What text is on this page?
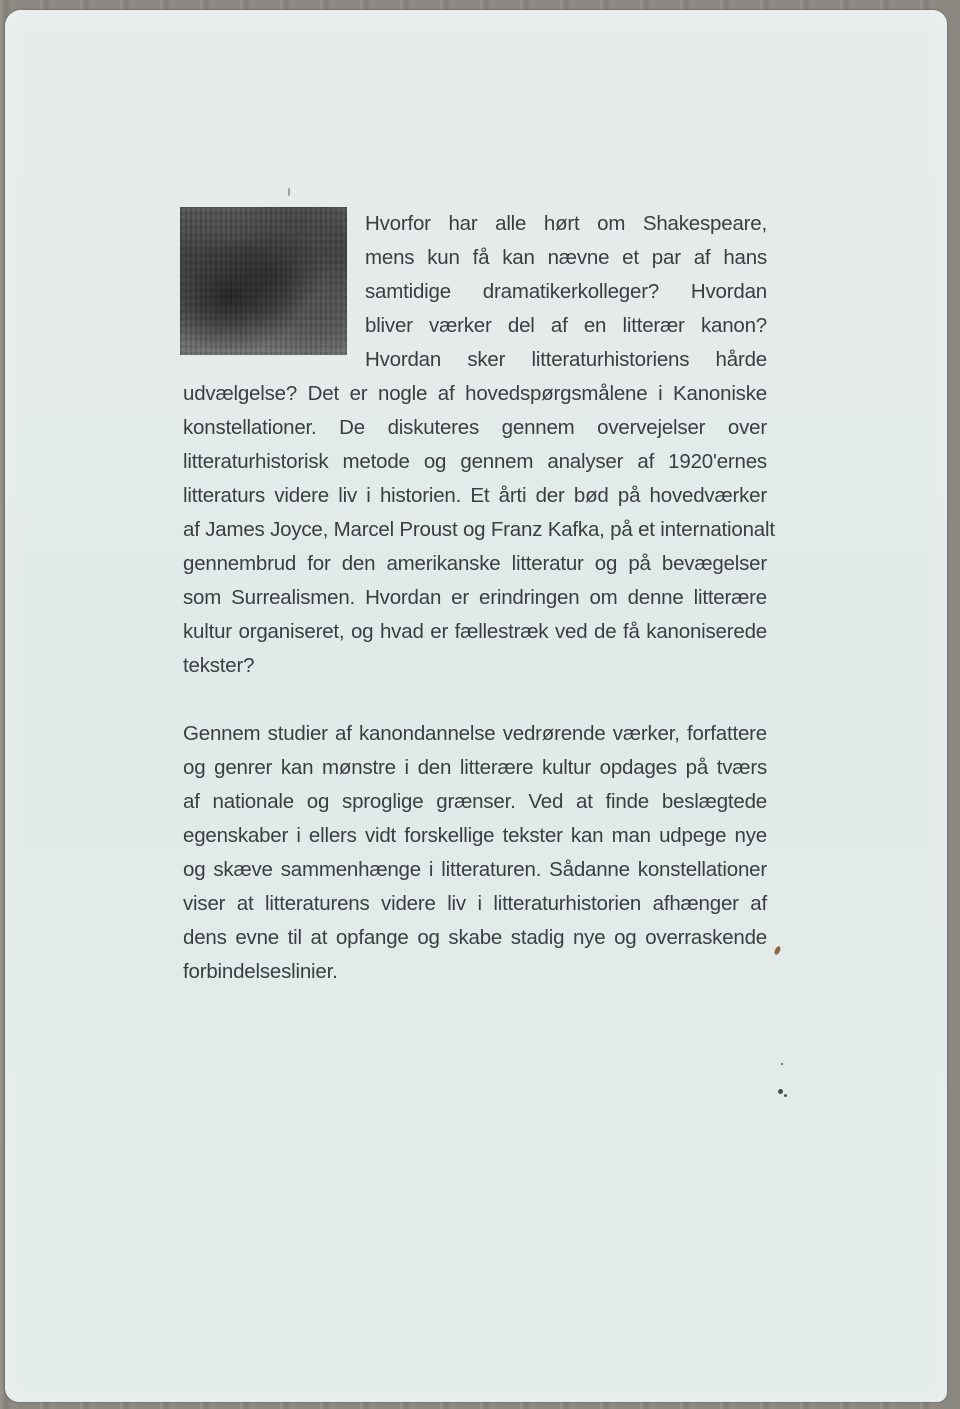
Hvorfor har alle hørt om Shakespeare,
mens kun få kan nævne et par af hans
samtidige dramatikerkolleger? Hvordan
bliver værker del af en litterær kanon?
Hvordan sker litteraturhistoriens hårde
udvælgelse? Det er nogle af hovedspørgsmålene i Kanoniske
konstellationer. De diskuteres gennem overvejelser over
litteraturhistorisk metode og gennem analyser af 1920'ernes
litteraturs videre liv i historien. Et årti der bød på hovedværker
af James Joyce, Marcel Proust og Franz Kafka, på et internationalt
gennembrud for den amerikanske litteratur og på bevægelser
som Surrealismen. Hvordan er erindringen om denne litterære
kultur organiseret, og hvad er fællestræk ved de få kanoniserede
tekster?
Gennem studier af kanondannelse vedrørende værker, forfattere
og genrer kan mønstre i den litterære kultur opdages på tværs
af nationale og sproglige grænser. Ved at finde beslægtede
egenskaber i ellers vidt forskellige tekster kan man udpege nye
og skæve sammenhænge i litteraturen. Sådanne konstellationer
viser at litteraturens videre liv i litteraturhistorien afhænger af
dens evne til at opfange og skabe stadig nye og overraskende
forbindelseslinier.
